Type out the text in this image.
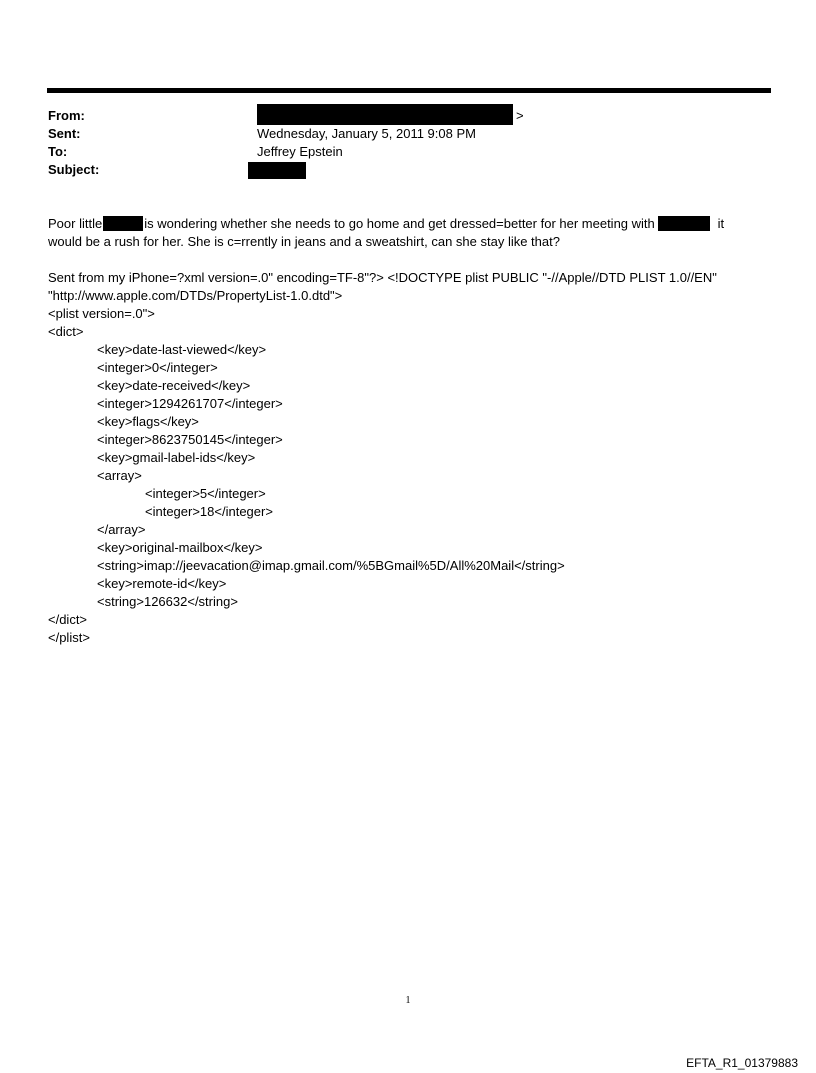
From:	>
Sent:	Wednesday, January 5, 2011 9:08 PM
To:	Jeffrey Epstein
Subject:
Poor little	is wondering whether she needs to go home and get dressed=better for her meeting with	it
would be a rush for her. She is c=rrently in jeans and a sweatshirt, can she stay like that?
Sent from my iPhone=?xml version=.0" encoding=TF-8"?> <!DOCTYPE plist PUBLIC "-//Apple//DTD PLIST 1.0//EN"
"http://www.apple.com/DTDs/PropertyList-1.0.dtd">
<plist version=.0">
<dict>
<key>date-last-viewed</key>
<integer>0</integer>
<key>date-received</key>
<integer>1294261707</integer>
<key>flags</key>
<integer>8623750145</integer>
<key>gmail-label-ids</key>
<array>
<integer>5</integer>
<integer>18</integer>
</array>
<key>original-mailbox</key>
<string>imap://jeevacation@imap.gmail.com/%5BGmail%5D/All%20Mail</string>
<key>remote-id</key>
<string>126632</string>
</dict>
</plist>
1
EFTA_R1_01379883
